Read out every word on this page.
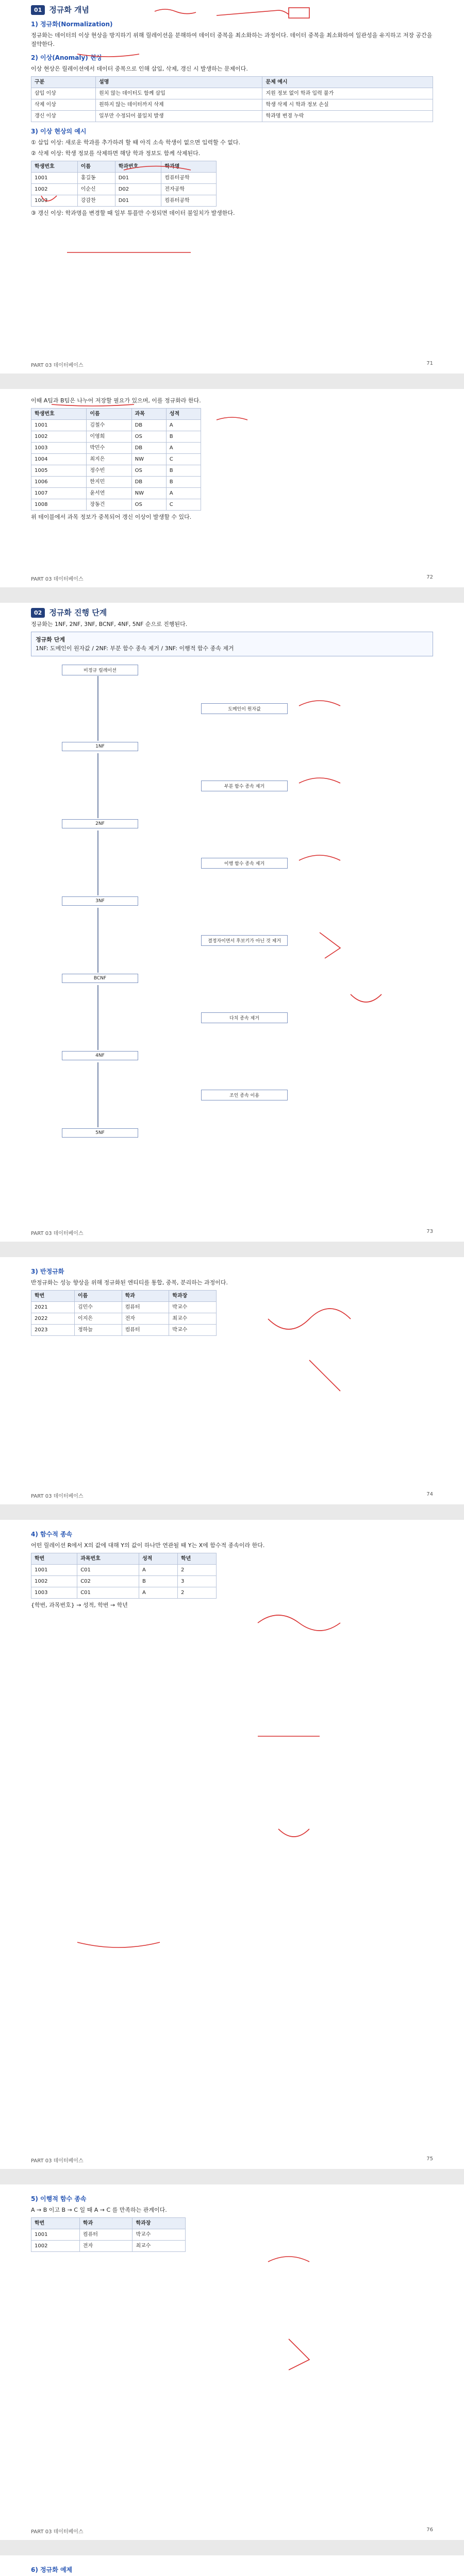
01 정규화 개념
1) 정규화(Normalization)
정규화는 데이터의 이상 현상을 방지하기 위해 릴레이션을 분해하여 데이터 중복을 최소화하는 과정이다. 데이터 중복을 최소화하여 일관성을 유지하고 저장 공간을 절약한다.
2) 이상(Anomaly) 현상
이상 현상은 릴레이션에서 데이터 중복으로 인해 삽입, 삭제, 갱신 시 발생하는 문제이다.
구분	설명	문제 예시
삽입 이상	원치 않는 데이터도 함께 삽입	지원 정보 없이 학과 입력 불가
삭제 이상	원하지 않는 데이터까지 삭제	학생 삭제 시 학과 정보 손실
갱신 이상	일부만 수정되어 불일치 발생	학과명 변경 누락
3) 이상 현상의 예시
① 삽입 이상: 새로운 학과를 추가하려 할 때 아직 소속 학생이 없으면 입력할 수 없다.
② 삭제 이상: 학생 정보를 삭제하면 해당 학과 정보도 함께 삭제된다.
학생번호	이름	학과번호	학과명
1001	홍길동	D01	컴퓨터공학
1002	이순신	D02	전자공학
1003	강감찬	D01	컴퓨터공학
③ 갱신 이상: 학과명을 변경할 때 일부 튜플만 수정되면 데이터 불일치가 발생한다.
PART 03 데이터베이스	71
이때 A팀과 B팀은 나누어 저장할 필요가 있으며, 이를 정규화라 한다.
학생번호	이름	과목	성적
1001	김철수	DB	A
1002	이영희	OS	B
1003	박민수	DB	A
1004	최지은	NW	C
1005	정수빈	OS	B
1006	한지민	DB	B
1007	윤서연	NW	A
1008	장동건	OS	C
위 테이블에서 과목 정보가 중복되어 갱신 이상이 발생할 수 있다.
PART 03 데이터베이스	72
02 정규화 진행 단계
정규화는 1NF, 2NF, 3NF, BCNF, 4NF, 5NF 순으로 진행된다.
정규화 단계
1NF: 도메인이 원자값 / 2NF: 부분 함수 종속 제거 / 3NF: 이행적 함수 종속 제거
비정규 릴레이션
1NF
2NF
3NF
BCNF
4NF
5NF
도메인이 원자값
부분 함수 종속 제거
이행 함수 종속 제거
결정자이면서 후보키가 아닌 것 제거
다치 종속 제거
조인 종속 이용
PART 03 데이터베이스	73
3) 반정규화
반정규화는 성능 향상을 위해 정규화된 엔티티를 통합, 중복, 분리하는 과정이다.
학번	이름	학과	학과장
2021	김민수	컴퓨터	박교수
2022	이지은	전자	최교수
2023	정하늘	컴퓨터	박교수
PART 03 데이터베이스	74
4) 함수적 종속
어떤 릴레이션 R에서 X의 값에 대해 Y의 값이 하나만 연관될 때 Y는 X에 함수적 종속이라 한다.
학번	과목번호	성적	학년
1001	C01	A	2
1002	C02	B	3
1003	C01	A	2
{학번, 과목번호} → 성적, 학번 → 학년
PART 03 데이터베이스	75
5) 이행적 함수 종속
A → B 이고 B → C 일 때 A → C 를 만족하는 관계이다.
학번	학과	학과장
1001	컴퓨터	박교수
1002	전자	최교수
PART 03 데이터베이스	76
6) 정규화 예제
